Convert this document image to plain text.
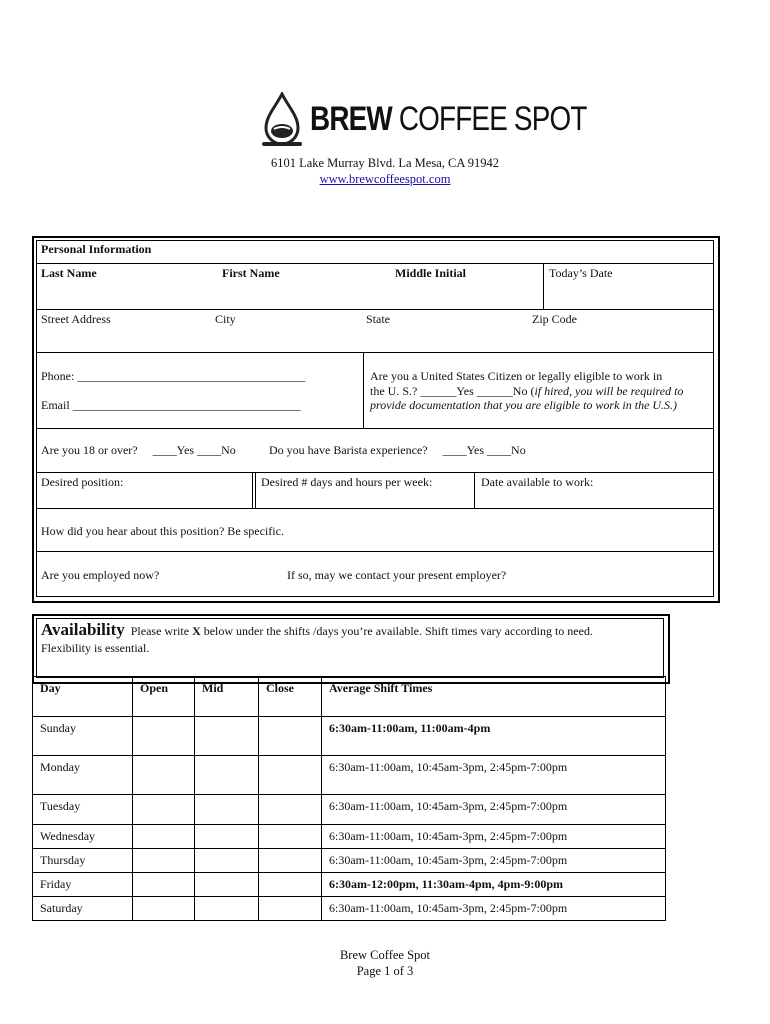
BREW COFFEE SPOT
6101 Lake Murray Blvd. La Mesa, CA 91942
www.brewcoffeespot.com
Personal Information
Last Name	First Name	Middle Initial	Today’s Date
Street Address	City	State	Zip Code
Phone: ______________________________________
Email ______________________________________
Are you a United States Citizen or legally eligible to work in
the U. S.? ______Yes ______No (if hired, you will be required to
provide documentation that you are eligible to work in the U.S.)
Are you 18 or over?     ____Yes ____No	Do you have Barista experience?     ____Yes ____No
Desired position:	Desired # days and hours per week:	Date available to work:
How did you hear about this position? Be specific.
Are you employed now?	If so, may we contact your present employer?
Availability Please write X below under the shifts /days you’re available. Shift times vary according to need.
Flexibility is essential.
Day	Open	Mid	Close	Average Shift Times
Sunday				6:30am-11:00am, 11:00am-4pm
Monday				6:30am-11:00am, 10:45am-3pm, 2:45pm-7:00pm
Tuesday				6:30am-11:00am, 10:45am-3pm, 2:45pm-7:00pm
Wednesday				6:30am-11:00am, 10:45am-3pm, 2:45pm-7:00pm
Thursday				6:30am-11:00am, 10:45am-3pm, 2:45pm-7:00pm
Friday				6:30am-12:00pm, 11:30am-4pm, 4pm-9:00pm
Saturday				6:30am-11:00am, 10:45am-3pm, 2:45pm-7:00pm
Brew Coffee Spot
Page 1 of 3
